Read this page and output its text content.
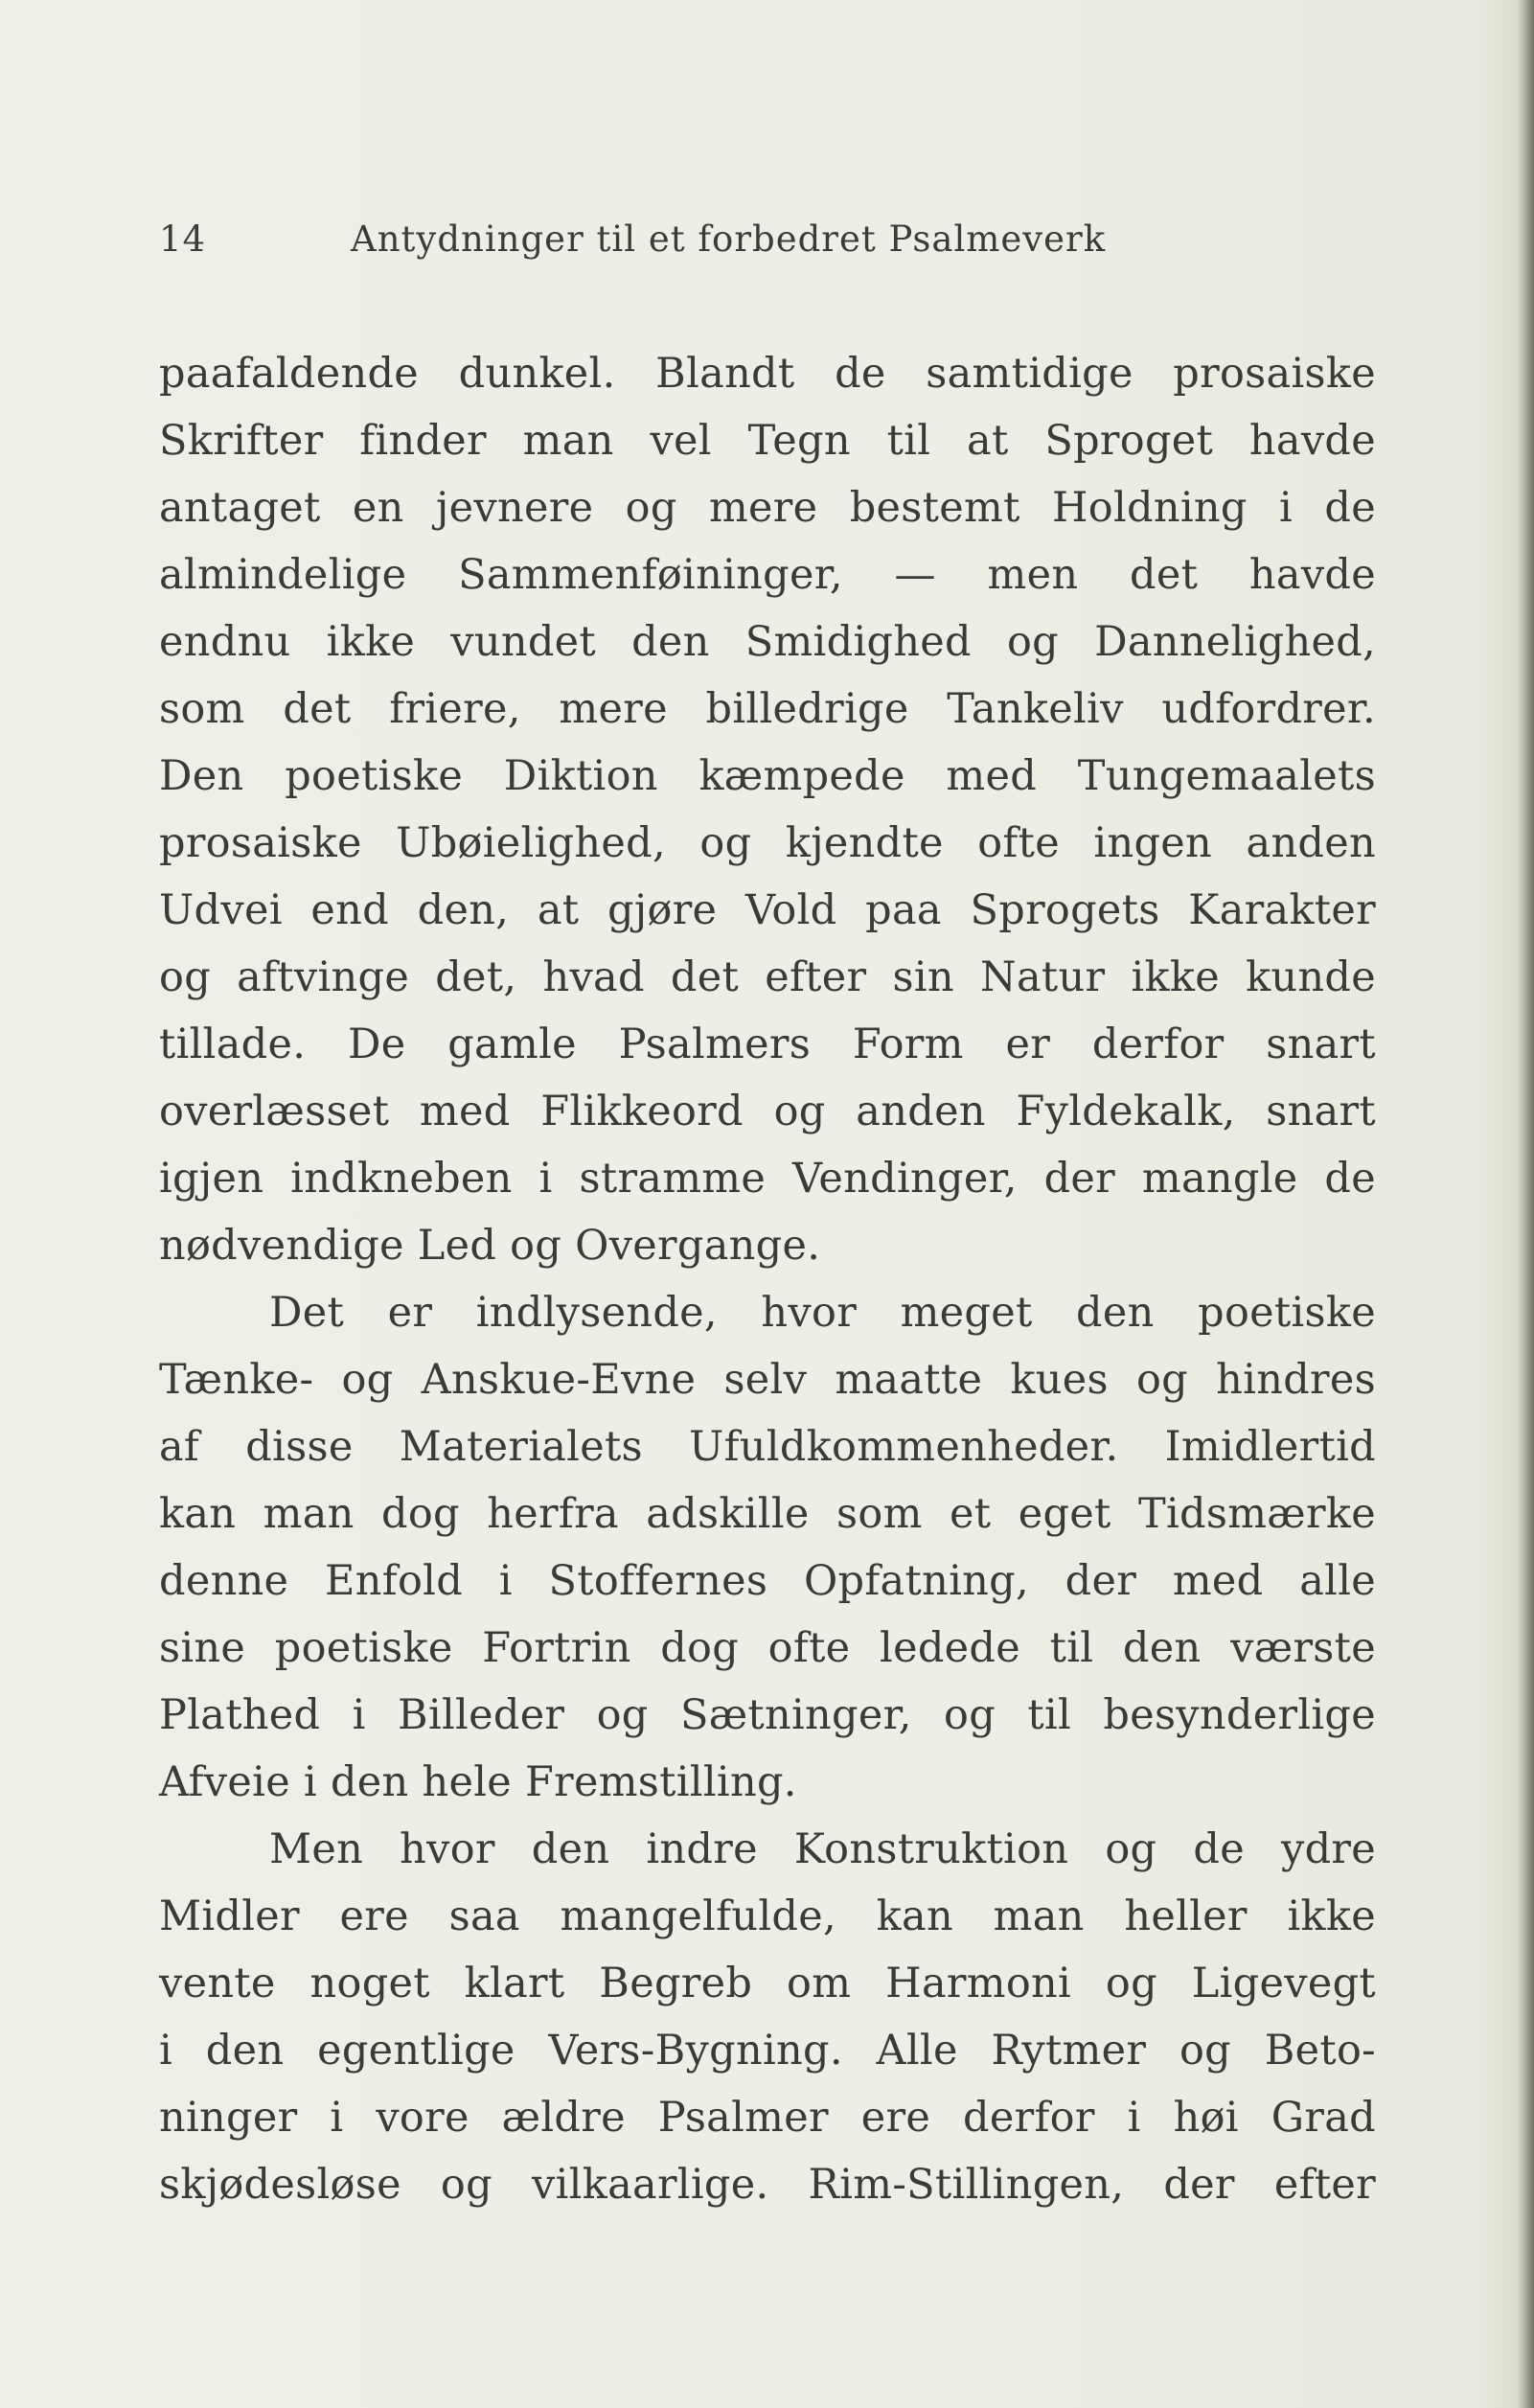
14	Antydninger til et forbedret Psalmeverk
paafaldende dunkel. Blandt de samtidige prosaiske
Skrifter finder man vel Tegn til at Sproget havde
antaget en jevnere og mere bestemt Holdning i de
almindelige Sammenføininger, — men det havde
endnu ikke vundet den Smidighed og Dannelighed,
som det friere, mere billedrige Tankeliv udfordrer.
Den poetiske Diktion kæmpede med Tungemaalets
prosaiske Ubøielighed, og kjendte ofte ingen anden
Udvei end den, at gjøre Vold paa Sprogets Karakter
og aftvinge det, hvad det efter sin Natur ikke kunde
tillade. De gamle Psalmers Form er derfor snart
overlæsset med Flikkeord og anden Fyldekalk, snart
igjen indkneben i stramme Vendinger, der mangle de
nødvendige Led og Overgange.
Det er indlysende, hvor meget den poetiske
Tænke- og Anskue-Evne selv maatte kues og hindres
af disse Materialets Ufuldkommenheder. Imidlertid
kan man dog herfra adskille som et eget Tidsmærke
denne Enfold i Stoffernes Opfatning, der med alle
sine poetiske Fortrin dog ofte ledede til den værste
Plathed i Billeder og Sætninger, og til besynderlige
Afveie i den hele Fremstilling.
Men hvor den indre Konstruktion og de ydre
Midler ere saa mangelfulde, kan man heller ikke
vente noget klart Begreb om Harmoni og Ligevegt
i den egentlige Vers-Bygning. Alle Rytmer og Beto-
ninger i vore ældre Psalmer ere derfor i høi Grad
skjødesløse og vilkaarlige. Rim-Stillingen, der efter
